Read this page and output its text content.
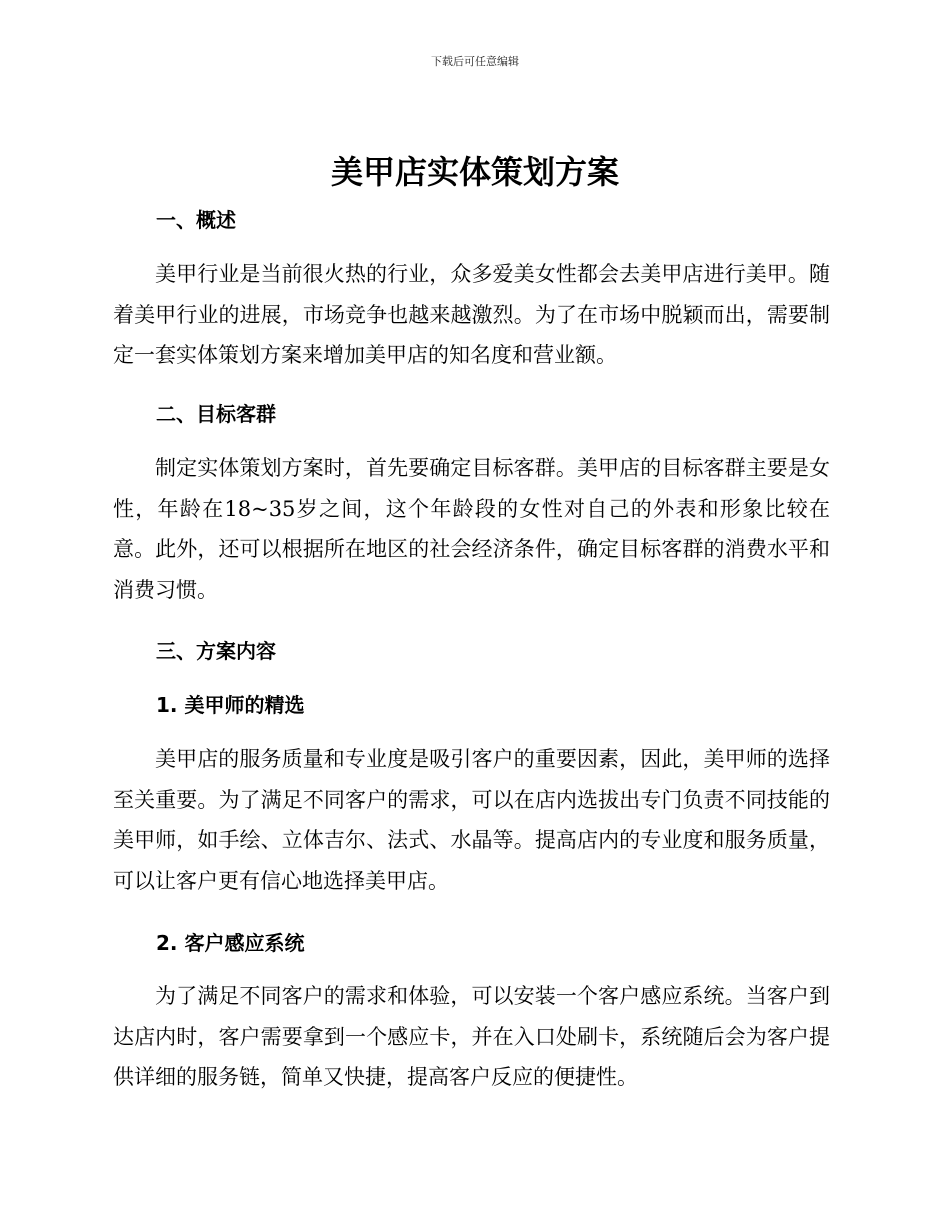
下载后可任意编辑
美甲店实体策划方案
一、概述

美甲行业是当前很火热的行业，众多爱美女性都会去美甲店进行美甲。随着美甲行业的进展，市场竞争也越来越激烈。为了在市场中脱颖而出，需要制定一套实体策划方案来增加美甲店的知名度和营业额。

二、目标客群

制定实体策划方案时，首先要确定目标客群。美甲店的目标客群主要是女性，年龄在18~35岁之间，这个年龄段的女性对自己的外表和形象比较在意。此外，还可以根据所在地区的社会经济条件，确定目标客群的消费水平和消费习惯。

三、方案内容
1. 美甲师的精选

美甲店的服务质量和专业度是吸引客户的重要因素，因此，美甲师的选择至关重要。为了满足不同客户的需求，可以在店内选拔出专门负责不同技能的美甲师，如手绘、立体吉尔、法式、水晶等。提高店内的专业度和服务质量，可以让客户更有信心地选择美甲店。

2. 客户感应系统

为了满足不同客户的需求和体验，可以安装一个客户感应系统。当客户到达店内时，客户需要拿到一个感应卡，并在入口处刷卡，系统随后会为客户提供详细的服务链，简单又快捷，提高客户反应的便捷性。
